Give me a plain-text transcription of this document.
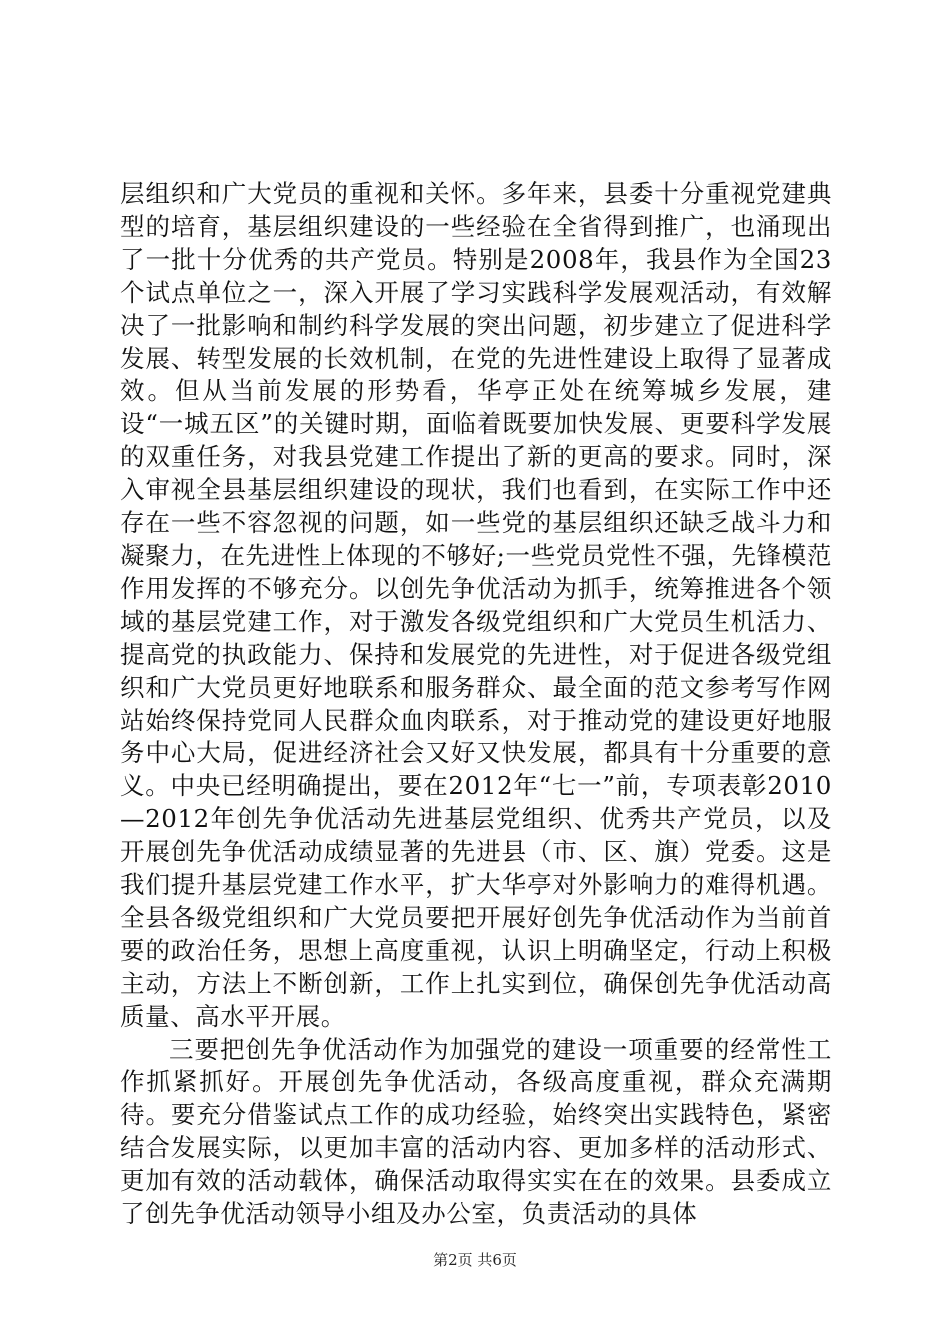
层组织和广大党员的重视和关怀。多年来，县委十分重视党建典型的培育，基层组织建设的一些经验在全省得到推广，也涌现出了一批十分优秀的共产党员。特别是2008年，我县作为全国23个试点单位之一，深入开展了学习实践科学发展观活动，有效解决了一批影响和制约科学发展的突出问题，初步建立了促进科学发展、转型发展的长效机制，在党的先进性建设上取得了显著成效。但从当前发展的形势看，华亭正处在统筹城乡发展，建设“一城五区”的关键时期，面临着既要加快发展、更要科学发展的双重任务，对我县党建工作提出了新的更高的要求。同时，深入审视全县基层组织建设的现状，我们也看到，在实际工作中还存在一些不容忽视的问题，如一些党的基层组织还缺乏战斗力和凝聚力，在先进性上体现的不够好;一些党员党性不强，先锋模范作用发挥的不够充分。以创先争优活动为抓手，统筹推进各个领域的基层党建工作，对于激发各级党组织和广大党员生机活力、提高党的执政能力、保持和发展党的先进性，对于促进各级党组织和广大党员更好地联系和服务群众、最全面的范文参考写作网站始终保持党同人民群众血肉联系，对于推动党的建设更好地服务中心大局，促进经济社会又好又快发展，都具有十分重要的意义。中央已经明确提出，要在2012年“七一”前，专项表彰2010—2012年创先争优活动先进基层党组织、优秀共产党员，以及开展创先争优活动成绩显著的先进县（市、区、旗）党委。这是我们提升基层党建工作水平，扩大华亭对外影响力的难得机遇。全县各级党组织和广大党员要把开展好创先争优活动作为当前首要的政治任务，思想上高度重视，认识上明确坚定，行动上积极主动，方法上不断创新，工作上扎实到位，确保创先争优活动高质量、高水平开展。

三要把创先争优活动作为加强党的建设一项重要的经常性工作抓紧抓好。开展创先争优活动，各级高度重视，群众充满期待。要充分借鉴试点工作的成功经验，始终突出实践特色，紧密结合发展实际，以更加丰富的活动内容、更加多样的活动形式、更加有效的活动载体，确保活动取得实实在在的效果。县委成立了创先争优活动领导小组及办公室，负责活动的具体

第2页 共6页
